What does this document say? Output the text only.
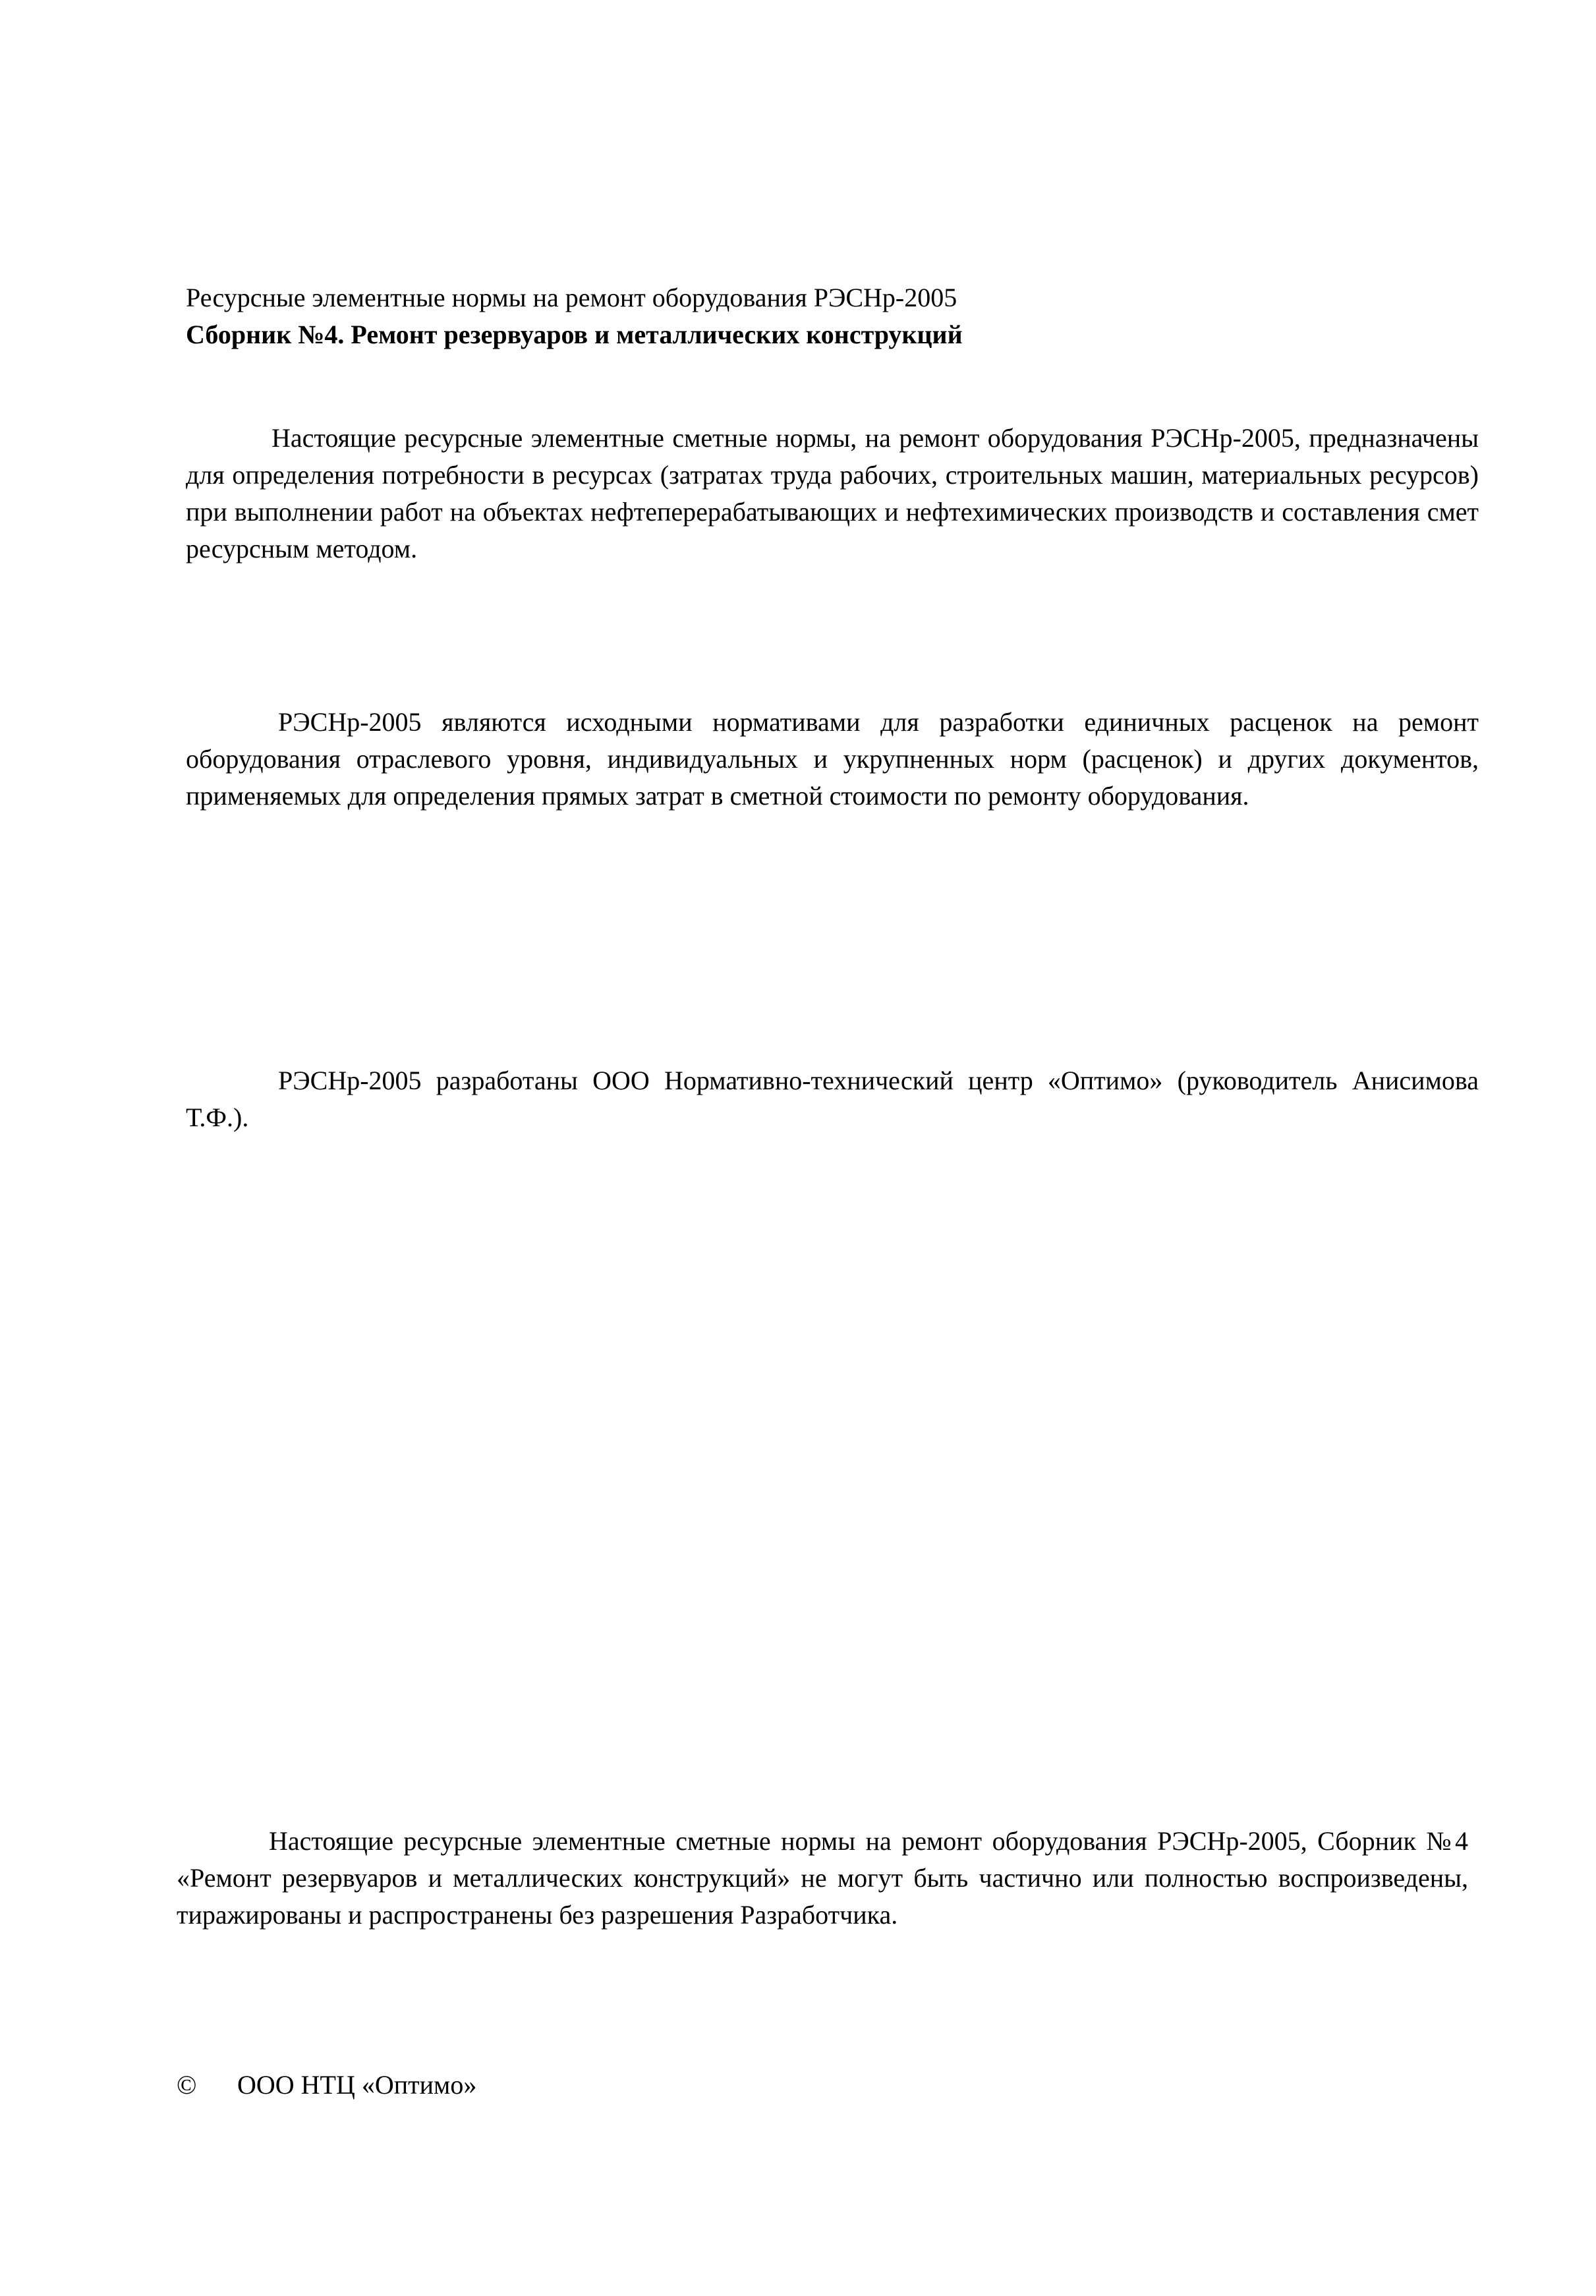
Ресурсные элементные нормы на ремонт оборудования РЭСНр-2005
Сборник №4. Ремонт резервуаров и металлических конструкций
Настоящие ресурсные элементные сметные нормы, на ремонт оборудования РЭСНр-2005, предназначены для определения потребности в ресурсах (затратах труда рабочих, строительных машин, материальных ресурсов) при выполнении работ на объектах нефтеперерабатывающих и нефтехимических производств и составления смет ресурсным методом.
РЭСНр-2005 являются исходными нормативами для разработки единичных расценок на ремонт оборудования отраслевого уровня, индивидуальных и укрупненных норм (расценок) и других документов, применяемых для определения прямых затрат в сметной стоимости по ремонту оборудования.
РЭСНр-2005 разработаны ООО Нормативно-технический центр «Оптимо» (руководитель Анисимова Т.Ф.).
Настоящие ресурсные элементные сметные нормы на ремонт оборудования РЭСНр-2005, Сборник №4 «Ремонт резервуаров и металлических конструкций» не могут быть частично или полностью воспроизведены, тиражированы и распространены без разрешения Разработчика.
© ООО НТЦ «Оптимо»
